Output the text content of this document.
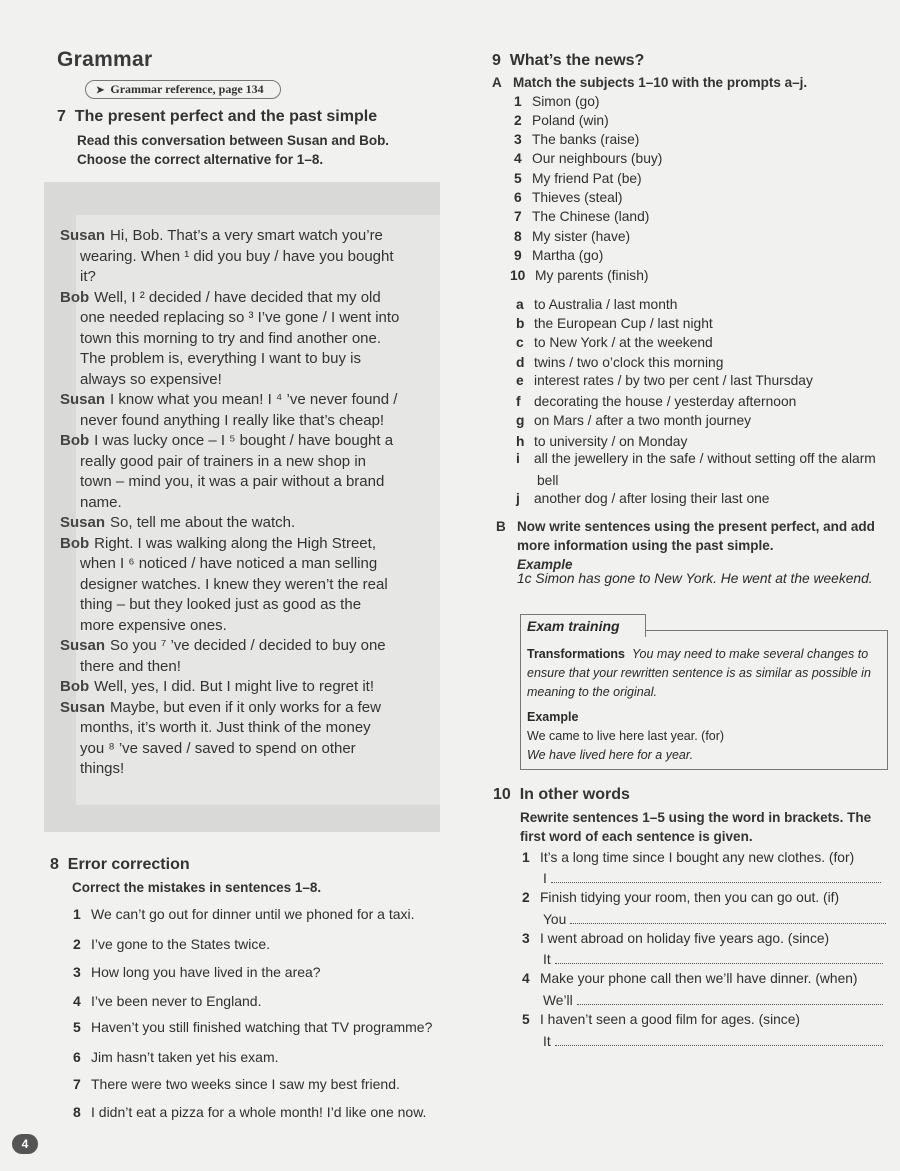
Grammar
➤ Grammar reference, page 134
7 The present perfect and the past simple
Read this conversation between Susan and Bob.
Choose the correct alternative for 1–8.
Susan Hi, Bob. That’s a very smart watch you’re
wearing. When ¹ did you buy / have you bought
it?
Bob Well, I ² decided / have decided that my old
one needed replacing so ³ I’ve gone / I went into
town this morning to try and find another one.
The problem is, everything I want to buy is
always so expensive!
Susan I know what you mean! I ⁴ ’ve never found /
never found anything I really like that’s cheap!
Bob I was lucky once – I ⁵ bought / have bought a
really good pair of trainers in a new shop in
town – mind you, it was a pair without a brand
name.
Susan So, tell me about the watch.
Bob Right. I was walking along the High Street,
when I ⁶ noticed / have noticed a man selling
designer watches. I knew they weren’t the real
thing – but they looked just as good as the
more expensive ones.
Susan So you ⁷ ’ve decided / decided to buy one
there and then!
Bob Well, yes, I did. But I might live to regret it!
Susan Maybe, but even if it only works for a few
months, it’s worth it. Just think of the money
you ⁸ ’ve saved / saved to spend on other
things!
8 Error correction
Correct the mistakes in sentences 1–8.
1 We can’t go out for dinner until we phoned for a taxi.
2 I’ve gone to the States twice.
3 How long you have lived in the area?
4 I’ve been never to England.
5 Haven’t you still finished watching that TV programme?
6 Jim hasn’t taken yet his exam.
7 There were two weeks since I saw my best friend.
8 I didn’t eat a pizza for a whole month! I’d like one now.
4
9 What’s the news?
A Match the subjects 1–10 with the prompts a–j.
1 Simon (go)
2 Poland (win)
3 The banks (raise)
4 Our neighbours (buy)
5 My friend Pat (be)
6 Thieves (steal)
7 The Chinese (land)
8 My sister (have)
9 Martha (go)
10 My parents (finish)
a to Australia / last month
b the European Cup / last night
c to New York / at the weekend
d twins / two o’clock this morning
e interest rates / by two per cent / last Thursday
f decorating the house / yesterday afternoon
g on Mars / after a two month journey
h to university / on Monday
i all the jewellery in the safe / without setting off the alarm
bell
j another dog / after losing their last one
B Now write sentences using the present perfect, and add
more information using the past simple.
Example
1c Simon has gone to New York. He went at the weekend.
Exam training
Transformations You may need to make several changes to
ensure that your rewritten sentence is as similar as possible in
meaning to the original.
Example
We came to live here last year. (for)
We have lived here for a year.
10 In other words
Rewrite sentences 1–5 using the word in brackets. The
first word of each sentence is given.
1 It’s a long time since I bought any new clothes. (for)
I
2 Finish tidying your room, then you can go out. (if)
You
3 I went abroad on holiday five years ago. (since)
It
4 Make your phone call then we’ll have dinner. (when)
We’ll
5 I haven’t seen a good film for ages. (since)
It
